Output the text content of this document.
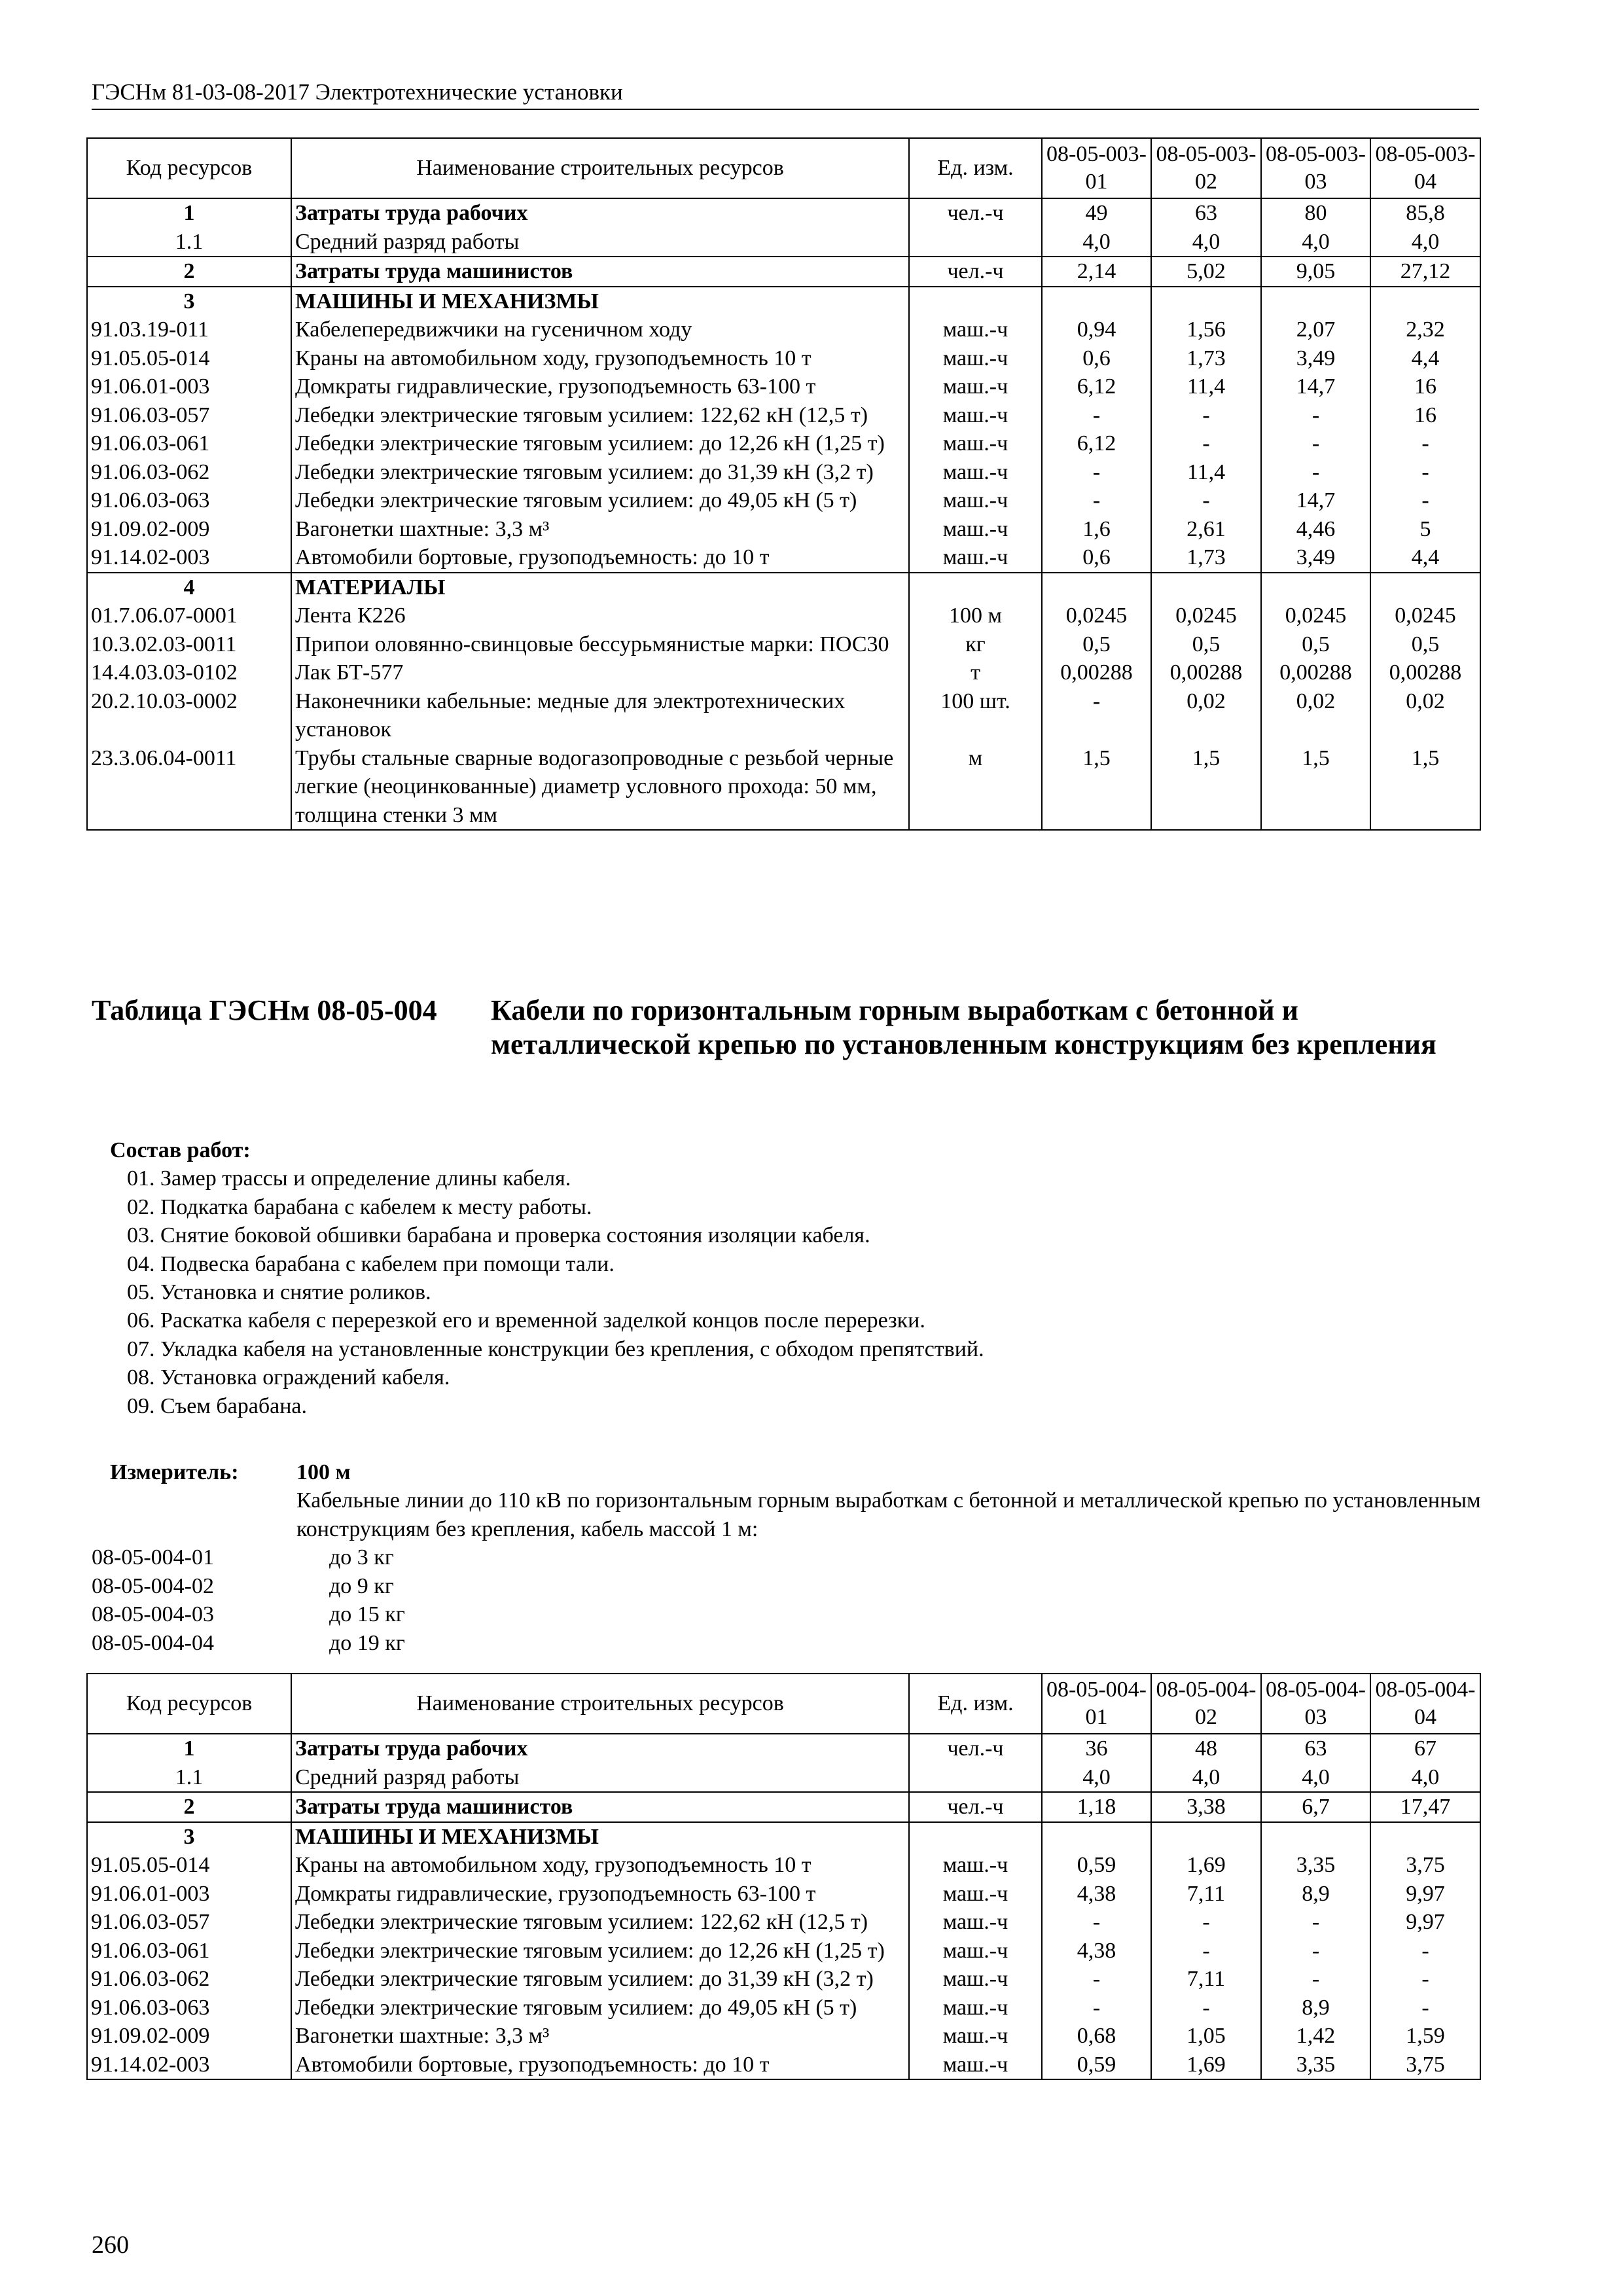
ГЭСНм 81-03-08-2017 Электротехнические установки
Код ресурсов	Наименование строительных ресурсов	Ед. изм.	08-05-003-01	08-05-003-02	08-05-003-03	08-05-003-04
1	Затраты труда рабочих	чел.-ч	49	63	80	85,8
1.1	Средний разряд работы		4,0	4,0	4,0	4,0
2	Затраты труда машинистов	чел.-ч	2,14	5,02	9,05	27,12
3	МАШИНЫ И МЕХАНИЗМЫ					
91.03.19-011	Кабелепередвижчики на гусеничном ходу	маш.-ч	0,94	1,56	2,07	2,32
91.05.05-014	Краны на автомобильном ходу, грузоподъемность 10 т	маш.-ч	0,6	1,73	3,49	4,4
91.06.01-003	Домкраты гидравлические, грузоподъемность 63-100 т	маш.-ч	6,12	11,4	14,7	16
91.06.03-057	Лебедки электрические тяговым усилием: 122,62 кН (12,5 т)	маш.-ч	-	-	-	16
91.06.03-061	Лебедки электрические тяговым усилием: до 12,26 кН (1,25 т)	маш.-ч	6,12	-	-	-
91.06.03-062	Лебедки электрические тяговым усилием: до 31,39 кН (3,2 т)	маш.-ч	-	11,4	-	-
91.06.03-063	Лебедки электрические тяговым усилием: до 49,05 кН (5 т)	маш.-ч	-	-	14,7	-
91.09.02-009	Вагонетки шахтные: 3,3 м³	маш.-ч	1,6	2,61	4,46	5
91.14.02-003	Автомобили бортовые, грузоподъемность: до 10 т	маш.-ч	0,6	1,73	3,49	4,4
4	МАТЕРИАЛЫ					
01.7.06.07-0001	Лента К226	100 м	0,0245	0,0245	0,0245	0,0245
10.3.02.03-0011	Припои оловянно-свинцовые бессурьмянистые марки: ПОС30	кг	0,5	0,5	0,5	0,5
14.4.03.03-0102	Лак БТ-577	т	0,00288	0,00288	0,00288	0,00288
20.2.10.03-0002	Наконечники кабельные: медные для электротехнических установок	100 шт.	-	0,02	0,02	0,02
23.3.06.04-0011	Трубы стальные сварные водогазопроводные с резьбой черные легкие (неоцинкованные) диаметр условного прохода: 50 мм, толщина стенки 3 мм	м	1,5	1,5	1,5	1,5
Таблица ГЭСНм 08-05-004 Кабели по горизонтальным горным выработкам с бетонной и металлической крепью по установленным конструкциям без крепления
Состав работ:
01. Замер трассы и определение длины кабеля.
02. Подкатка барабана с кабелем к месту работы.
03. Снятие боковой обшивки барабана и проверка состояния изоляции кабеля.
04. Подвеска барабана с кабелем при помощи тали.
05. Установка и снятие роликов.
06. Раскатка кабеля с перерезкой его и временной заделкой концов после перерезки.
07. Укладка кабеля на установленные конструкции без крепления, с обходом препятствий.
08. Установка ограждений кабеля.
09. Съем барабана.
Измеритель:	100 м
Кабельные линии до 110 кВ по горизонтальным горным выработкам с бетонной и металлической крепью по установленным конструкциям без крепления, кабель массой 1 м:
08-05-004-01	до 3 кг
08-05-004-02	до 9 кг
08-05-004-03	до 15 кг
08-05-004-04	до 19 кг
Код ресурсов	Наименование строительных ресурсов	Ед. изм.	08-05-004-01	08-05-004-02	08-05-004-03	08-05-004-04
1	Затраты труда рабочих	чел.-ч	36	48	63	67
1.1	Средний разряд работы		4,0	4,0	4,0	4,0
2	Затраты труда машинистов	чел.-ч	1,18	3,38	6,7	17,47
3	МАШИНЫ И МЕХАНИЗМЫ					
91.05.05-014	Краны на автомобильном ходу, грузоподъемность 10 т	маш.-ч	0,59	1,69	3,35	3,75
91.06.01-003	Домкраты гидравлические, грузоподъемность 63-100 т	маш.-ч	4,38	7,11	8,9	9,97
91.06.03-057	Лебедки электрические тяговым усилием: 122,62 кН (12,5 т)	маш.-ч	-	-	-	9,97
91.06.03-061	Лебедки электрические тяговым усилием: до 12,26 кН (1,25 т)	маш.-ч	4,38	-	-	-
91.06.03-062	Лебедки электрические тяговым усилием: до 31,39 кН (3,2 т)	маш.-ч	-	7,11	-	-
91.06.03-063	Лебедки электрические тяговым усилием: до 49,05 кН (5 т)	маш.-ч	-	-	8,9	-
91.09.02-009	Вагонетки шахтные: 3,3 м³	маш.-ч	0,68	1,05	1,42	1,59
91.14.02-003	Автомобили бортовые, грузоподъемность: до 10 т	маш.-ч	0,59	1,69	3,35	3,75
260
